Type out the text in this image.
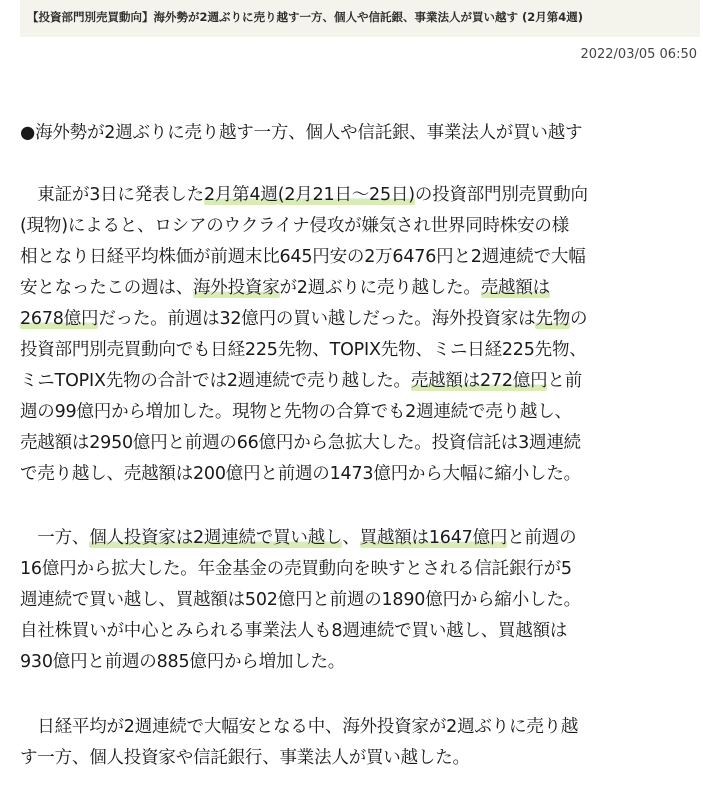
【投資部門別売買動向】海外勢が2週ぶりに売り越す一方、個人や信託銀、事業法人が買い越す (2月第4週)
2022/03/05 06:50
●海外勢が2週ぶりに売り越す一方、個人や信託銀、事業法人が買い越す
　東証が3日に発表した2月第4週(2月21日〜25日)の投資部門別売買動向
(現物)によると、ロシアのウクライナ侵攻が嫌気され世界同時株安の様
相となり日経平均株価が前週末比645円安の2万6476円と2週連続で大幅
安となったこの週は、海外投資家が2週ぶりに売り越した。売越額は
2678億円だった。前週は32億円の買い越しだった。海外投資家は先物の
投資部門別売買動向でも日経225先物、TOPIX先物、ミニ日経225先物、
ミニTOPIX先物の合計では2週連続で売り越した。売越額は272億円と前
週の99億円から増加した。現物と先物の合算でも2週連続で売り越し、
売越額は2950億円と前週の66億円から急拡大した。投資信託は3週連続
で売り越し、売越額は200億円と前週の1473億円から大幅に縮小した。
　一方、個人投資家は2週連続で買い越し、買越額は1647億円と前週の
16億円から拡大した。年金基金の売買動向を映すとされる信託銀行が5
週連続で買い越し、買越額は502億円と前週の1890億円から縮小した。
自社株買いが中心とみられる事業法人も8週連続で買い越し、買越額は
930億円と前週の885億円から増加した。
　日経平均が2週連続で大幅安となる中、海外投資家が2週ぶりに売り越
す一方、個人投資家や信託銀行、事業法人が買い越した。
